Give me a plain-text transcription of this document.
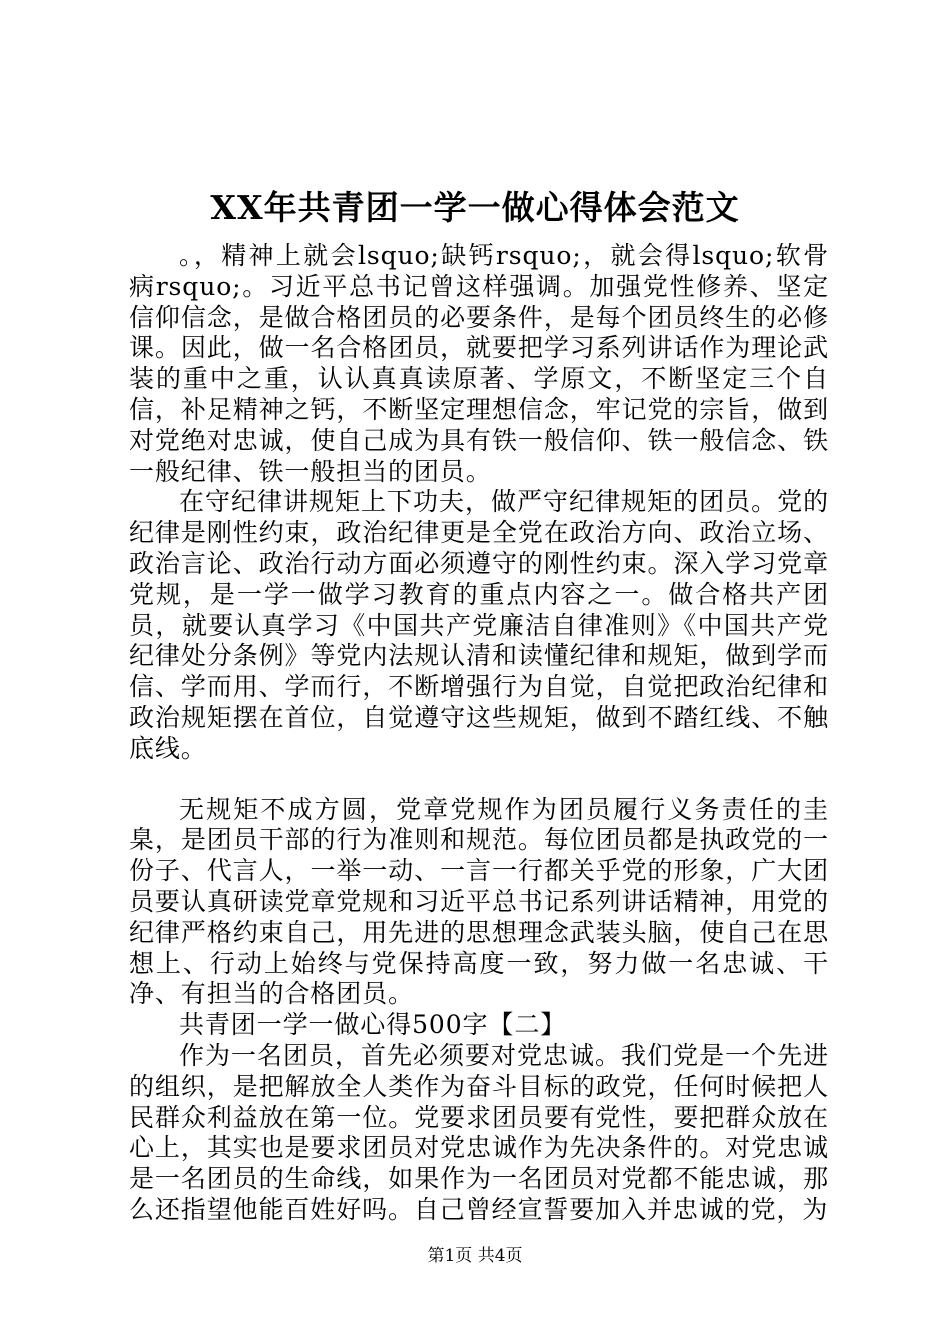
XX年共青团一学一做心得体会范文

。，精神上就会lsquo;缺钙rsquo;，就会得lsquo;软骨病rsquo;。习近平总书记曾这样强调。加强党性修养、坚定信仰信念，是做合格团员的必要条件，是每个团员终生的必修课。因此，做一名合格团员，就要把学习系列讲话作为理论武装的重中之重，认认真真读原著、学原文，不断坚定三个自信，补足精神之钙，不断坚定理想信念，牢记党的宗旨，做到对党绝对忠诚，使自己成为具有铁一般信仰、铁一般信念、铁一般纪律、铁一般担当的团员。

在守纪律讲规矩上下功夫，做严守纪律规矩的团员。党的纪律是刚性约束，政治纪律更是全党在政治方向、政治立场、政治言论、政治行动方面必须遵守的刚性约束。深入学习党章党规，是一学一做学习教育的重点内容之一。做合格共产团员，就要认真学习《中国共产党廉洁自律准则》《中国共产党纪律处分条例》等党内法规认清和读懂纪律和规矩，做到学而信、学而用、学而行，不断增强行为自觉，自觉把政治纪律和政治规矩摆在首位，自觉遵守这些规矩，做到不踏红线、不触底线。

无规矩不成方圆，党章党规作为团员履行义务责任的圭臬，是团员干部的行为准则和规范。每位团员都是执政党的一份子、代言人，一举一动、一言一行都关乎党的形象，广大团员要认真研读党章党规和习近平总书记系列讲话精神，用党的纪律严格约束自己，用先进的思想理念武装头脑，使自己在思想上、行动上始终与党保持高度一致，努力做一名忠诚、干净、有担当的合格团员。

共青团一学一做心得500字【二】

作为一名团员，首先必须要对党忠诚。我们党是一个先进的组织，是把解放全人类作为奋斗目标的政党，任何时候把人民群众利益放在第一位。党要求团员要有党性，要把群众放在心上，其实也是要求团员对党忠诚作为先决条件的。对党忠诚是一名团员的生命线，如果作为一名团员对党都不能忠诚，那么还指望他能百姓好吗。自己曾经宣誓要加入并忠诚的党，为

第1页 共4页
